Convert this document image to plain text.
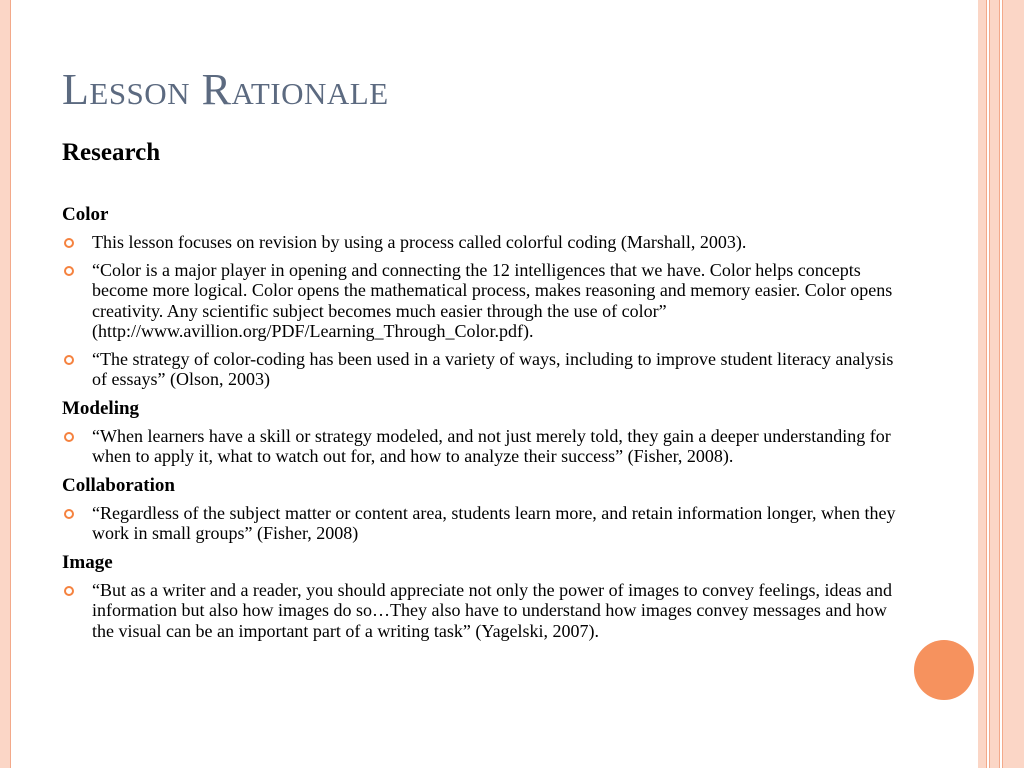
Lesson Rationale
Research
Color
This lesson focuses on revision by using a process called colorful coding (Marshall, 2003).
“Color is a major player in opening and connecting the 12 intelligences that we have. Color helps concepts become more logical. Color opens the mathematical process, makes reasoning and memory easier. Color opens creativity. Any scientific subject becomes much easier through the use of color” (http://www.avillion.org/PDF/Learning_Through_Color.pdf).
“The strategy of color-coding has been used in a variety of ways, including to improve student literacy analysis of essays” (Olson, 2003)
Modeling
“When learners have a skill or strategy modeled, and not just merely told, they gain a deeper understanding for when to apply it, what to watch out for, and how to analyze their success” (Fisher, 2008).
Collaboration
“Regardless of the subject matter or content area, students learn more, and retain information longer, when they work in small groups” (Fisher, 2008)
Image
“But as a writer and a reader, you should appreciate not only the power of images to convey feelings, ideas and information but also how images do so…They also have to understand how images convey messages and how the visual can be an important part of a writing task” (Yagelski, 2007).
